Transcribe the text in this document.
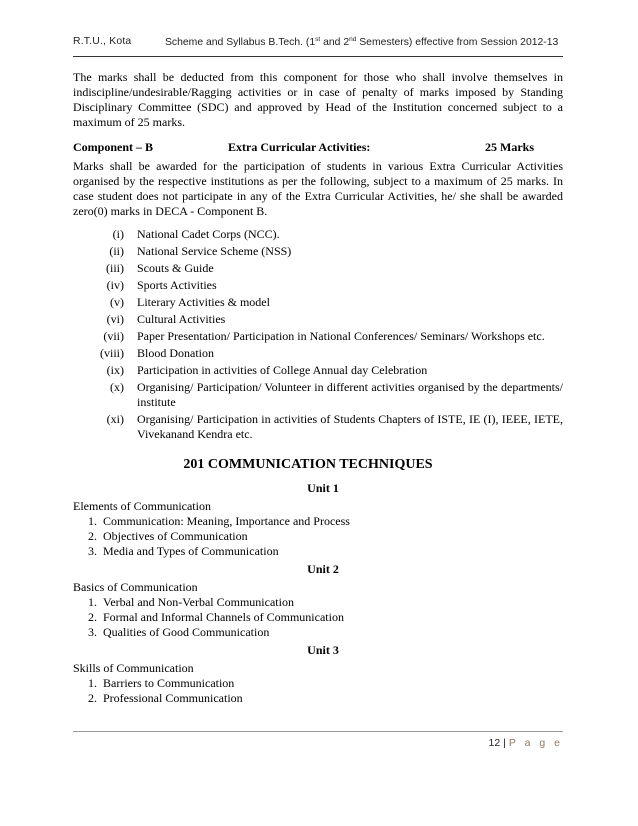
R.T.U., Kota	Scheme and Syllabus B.Tech. (1st and 2nd Semesters) effective from Session 2012-13

The marks shall be deducted from this component for those who shall involve themselves in indiscipline/undesirable/Ragging activities or in case of penalty of marks imposed by Standing Disciplinary Committee (SDC) and approved by Head of the Institution concerned subject to a maximum of 25 marks.

Component – B	Extra Curricular Activities:	25 Marks

Marks shall be awarded for the participation of students in various Extra Curricular Activities organised by the respective institutions as per the following, subject to a maximum of 25 marks. In case student does not participate in any of the Extra Curricular Activities, he/ she shall be awarded zero(0) marks in DECA - Component B.

(i) National Cadet Corps (NCC).
(ii) National Service Scheme (NSS)
(iii) Scouts & Guide
(iv) Sports Activities
(v) Literary Activities & model
(vi) Cultural Activities
(vii) Paper Presentation/ Participation in National Conferences/ Seminars/ Workshops etc.
(viii) Blood Donation
(ix) Participation in activities of College Annual day Celebration
(x) Organising/ Participation/ Volunteer in different activities organised by the departments/ institute
(xi) Organising/ Participation in activities of Students Chapters of ISTE, IE (I), IEEE, IETE, Vivekanand Kendra etc.
201 COMMUNICATION TECHNIQUES
Unit 1

Elements of Communication

1. Communication: Meaning, Importance and Process
2. Objectives of Communication
3. Media and Types of Communication
Unit 2

Basics of Communication

1. Verbal and Non-Verbal Communication
2. Formal and Informal Channels of Communication
3. Qualities of Good Communication
Unit 3

Skills of Communication

1. Barriers to Communication
2. Professional Communication
12 | P a g e
